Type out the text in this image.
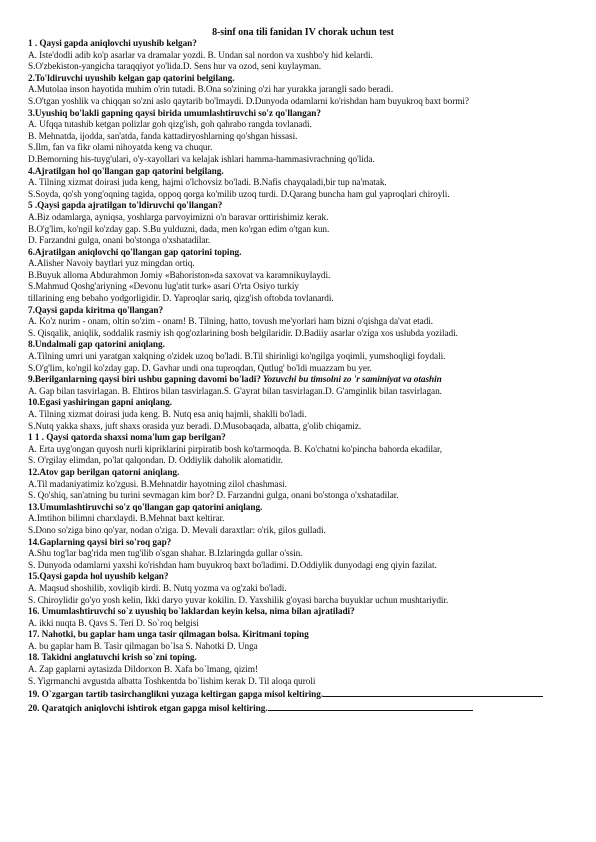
8-sinf ona tili fanidan IV chorak uchun test
1 . Qaysi gapda aniqlovchi uyushib kelgan?
A. Iste'dodli adib ko'p asarlar va dramalar yozdi. B. Undan sal nordon va xushbo'y hid kelardi.
S.O'zbekiston-yangicha taraqqiyot yo'lida.D. Sens hur va ozod, seni kuylayman.
2.To'ldiruvchi uyushib kelgan gap qatorini belgilang.
A.Mutolaa inson hayotida muhim o'rin tutadi. B.Ona so'zining o'zi har yurakka jarangli sado beradi.
S.O'tgan yoshlik va chiqqan so'zni aslo qaytarib bo'lmaydi. D.Dunyoda odamlarni ko'rishdan ham buyukroq baxt bormi?
3.Uyushiq bo'lakli gapning qaysi birida umumlashtiruvchi so'z qo'llangan?
A. Ufqqa tutashib ketgan polizlar goh qizg'ish, goh qahrabo rangda tovlanadi.
B. Mehnatda, ijodda, san'atda, fanda kattadiryoshlarning qo'shgan hissasi.
S.Ilm, fan va fikr olami nihoyatda keng va chuqur.
D.Bemorning his-tuyg'ulari, o'y-xayollari va kelajak ishlari hamma-hammasivrachning qo'lida.
4.Ajratilgan hol qo'llangan gap qatorini belgilang.
A. Tilning xizmat doirasi juda keng, hajmi o'lchovsiz bo'ladi. B.Nafis chayqaladi,bir tup na'matak.
S.Soyda, qo'sh yong'oqning tagida, oppoq qorga ko'milib uzoq turdi. D.Qarang buncha ham gul yaproqlari chiroyli.
5 .Qaysi gapda ajratilgan to'ldiruvchi qo'llangan?
A.Biz odamlarga, ayniqsa, yoshlarga parvoyimizni o'n baravar orttirishimiz kerak.
B.O'g'lim, ko'ngil ko'zday gap. S.Bu yulduzni, dada, men ko'rgan edim o'tgan kun.
D. Farzandni gulga, onani bo'stonga o'xshatadilar.
6.Ajratilgan aniqlovchi qo'llangan gap qatorini toping.
A.Alisher Navoiy baytlari yuz mingdan ortiq.
B.Buyuk alloma Abdurahmon Jomiy «Bahoriston»da saxovat va karamnikuylaydi.
S.Mahmud Qoshg'ariyning «Devonu lug'atit turk» asari O'rta Osiyo turkiy
tillarining eng bebaho yodgorligidir. D. Yaproqlar sariq, qizg'ish oftobda tovlanardi.
7.Qaysi gapda kiritma qo'llangan?
A. Ko'z nurim - onam, oltin so'zim - onam! B. Tilning, hatto, tovush me'yorlari ham bizni o'qishga da'vat etadi.
S. Qisqalik, aniqlik, soddalik rasmiy ish qog'ozlarining bosh belgilaridir. D.Badiiy asarlar o'ziga xos uslubda yoziladi.
8.Undalmali gap qatorini aniqlang.
A.Tilning umri uni yaratgan xalqning o'zidek uzoq bo'ladi. B.Til shirinligi ko'ngilga yoqimli, yumshoqligi foydali.
S.O'g'lim, ko'ngil ko'zday gap. D. Gavhar undi ona tuproqdan, Qutlug' bo'ldi muazzam bu yer.
9.Berilganlarning qaysi biri ushbu gapning davomi bo'ladi? Yozuvchi bu timsolni zo 'r samimiyat va otashin
A. Gap bilan tasvirlagan. B. Ehtiros bilan tasvirlagan.S. G'ayrat bilan tasvirlagan.D. G'amginlik bilan tasvirlagan.
10.Egasi yashiringan gapni aniqlang.
A. Tilning xizmat doirasi juda keng. B. Nutq esa aniq hajmli, shaklli bo'ladi.
S.Nutq yakka shaxs, juft shaxs orasida yuz beradi. D.Musobaqada, albatta, g'olib chiqamiz.
1 1 . Qaysi qatorda shaxsi noma'lum gap berilgan?
A. Erta uyg'ongan quyosh nurli kipriklarini pirpiratib bosh ko'tarmoqda. B. Ko'chatni ko'pincha bahorda ekadilar,
S. O'rgilay elimdan, po'lat qalqondan. D. Oddiylik daholik alomatidir.
12.Atov gap berilgan qatorni aniqlang.
A.Til madaniyatimiz ko'zgusi. B.Mehnatdir hayotning zilol chashmasi.
S. Qo'shiq, san'atning bu turini sevmagan kim bor? D. Farzandni gulga, onani bo'stonga o'xshatadilar.
13.Umumlashtiruvchi so'z qo'llangan gap qatorini aniqlang.
A.Imtihon bilimni charxlaydi. B.Mehnat baxt keltirar.
S.Dono so'ziga bino qo'yar, nodan o'ziga. D. Mevali daraxtlar: o'rik, gilos gulladi.
14.Gaplarning qaysi biri so'roq gap?
A.Shu tog'lar bag'rida men tug'ilib o'sgan shahar. B.Izlaringda gullar o'ssin.
S. Dunyoda odamlarni yaxshi ko'rishdan ham buyukroq baxt bo'ladimi. D.Oddiylik dunyodagi eng qiyin fazilat.
15.Qaysi gapda hol uyushib kelgan?
A. Maqsud shoshilib, xovliqib kirdi. B. Nutq yozma va og'zaki bo'ladi.
S. Chiroylidir go'yo yosh kelin, Ikki daryo yuvar kokilin. D. Yaxshilik g'oyasi barcha buyuklar uchun mushtariydir.
16. Umumlashtiruvchi so`z uyushiq bo`laklardan keyin kelsa, nima bilan ajratiladi?
A. ikki nuqta B. Qavs S. Teri D. So`roq belgisi
17. Nahotki, bu gaplar ham unga tasir qilmagan bolsa. Kiritmani toping
A. bu gaplar ham B. Tasir qilmagan bo`lsa S. Nahotki D. Unga
18. Takidni anglatuvchi krish so`zni toping.
A. Zap gaplarni aytasizda Dildorxon B. Xafa bo`lmang, qizim!
S. Yigrmanchi avgustda albatta Toshkentda bo`lishim kerak D. Til aloqa quroli
19. O`zgargan tartib tasirchanglikni yuzaga keltirgan gapga misol keltiring.
20. Qaratqich aniqlovchi ishtirok etgan gapga misol keltiring.
